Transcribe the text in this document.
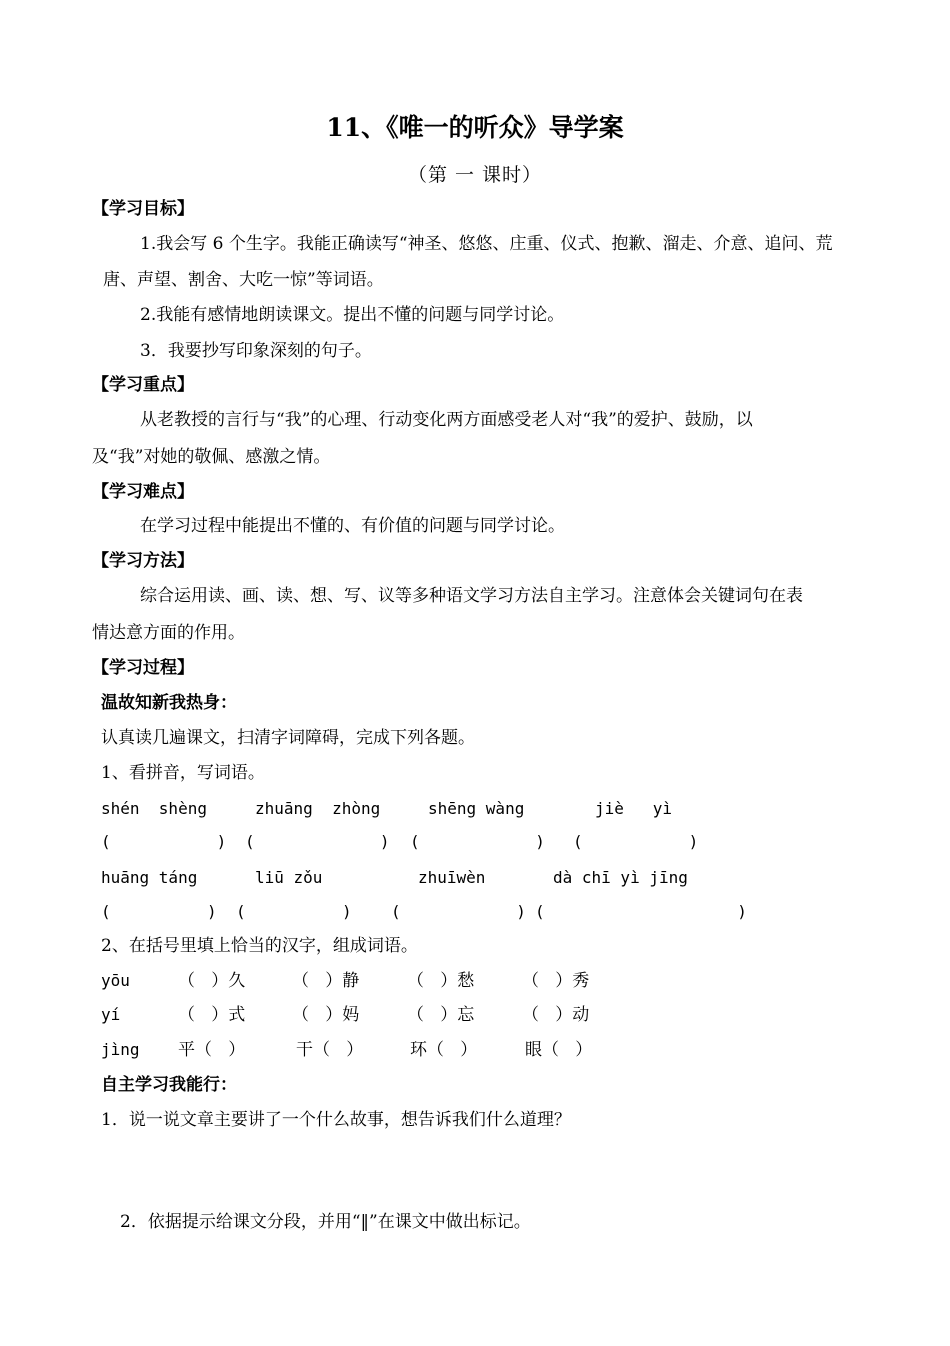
11、《唯一的听众》导学案
（第 一 课时）
【学习目标】
1.我会写 6 个生字。我能正确读写“神圣、悠悠、庄重、仪式、抱歉、溜走、介意、追问、荒
唐、声望、割舍、大吃一惊”等词语。
2.我能有感情地朗读课文。提出不懂的问题与同学讨论。
3．我要抄写印象深刻的句子。
【学习重点】
从老教授的言行与“我”的心理、行动变化两方面感受老人对“我”的爱护、鼓励，以
及“我”对她的敬佩、感激之情。
【学习难点】
在学习过程中能提出不懂的、有价值的问题与同学讨论。
【学习方法】
综合运用读、画、读、想、写、议等多种语文学习方法自主学习。注意体会关键词句在表
情达意方面的作用。
【学习过程】
温故知新我热身：
认真读几遍课文，扫清字词障碍，完成下列各题。
1、看拼音，写词语。
shén  shèng	zhuāng  zhòng	shēng wàng	jiè   yì
(           ) (             ) (            ) (           )
huāng táng	liū zǒu	zhuīwèn	dà chī yì jīng
(          ) (          ) (            ) (                    )
2、在括号里填上恰当的汉字，组成词语。
yōu	（   ）久	（   ）静	（   ）愁	（   ）秀
yí	（   ）式	（   ）妈	（   ）忘	（   ）动
jìng 平（   ）	干（   ）	环（   ）	眼（   ）
自主学习我能行：
1．说一说文章主要讲了一个什么故事，想告诉我们什么道理？
2．依据提示给课文分段，并用“‖”在课文中做出标记。
